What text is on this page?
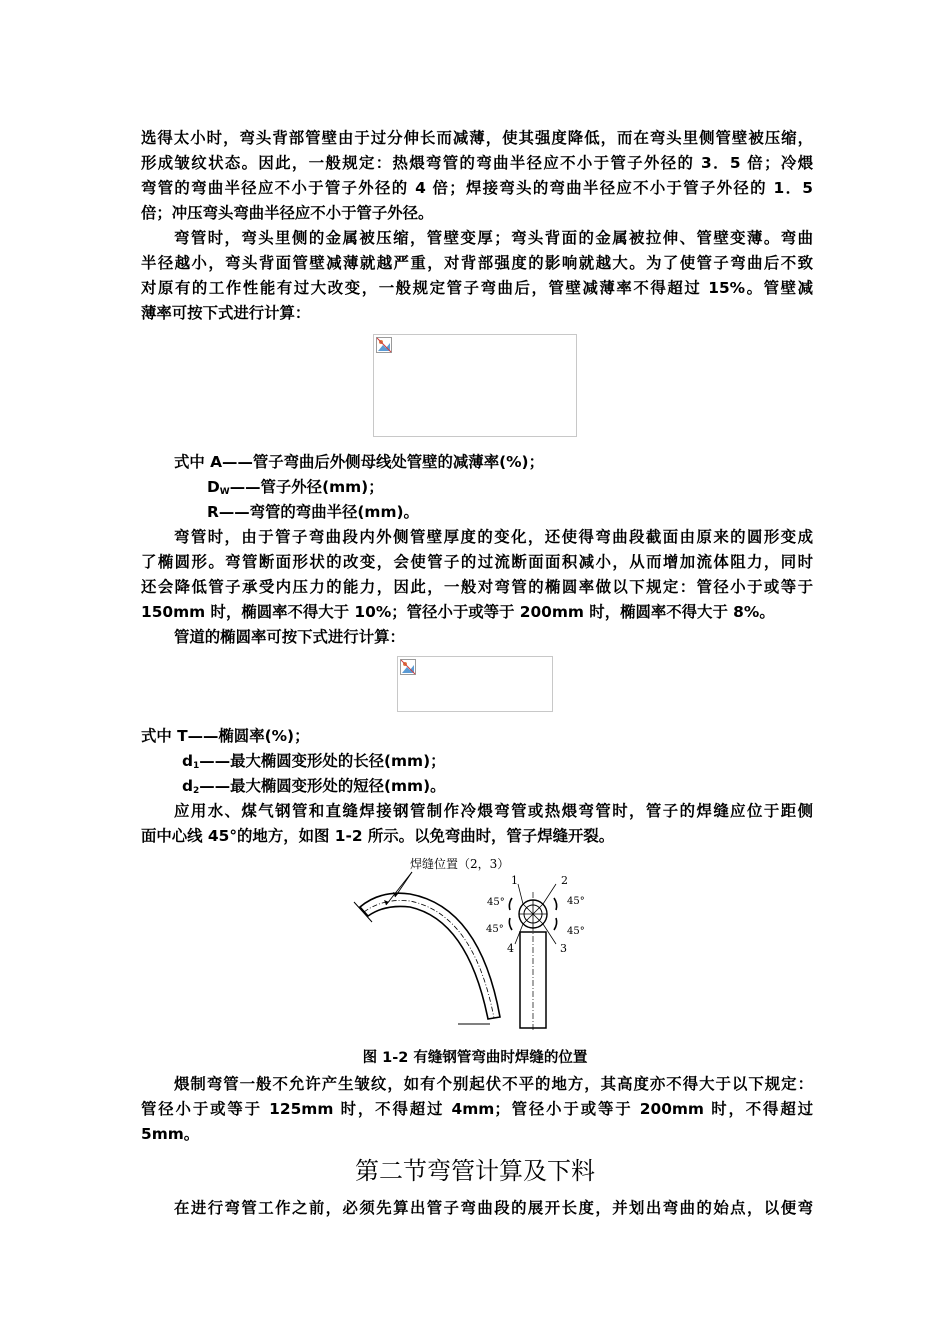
选得太小时，弯头背部管壁由于过分伸长而减薄，使其强度降低，而在弯头里侧管壁被压缩，
形成皱纹状态。因此，一般规定：热煨弯管的弯曲半径应不小于管子外径的 3．5 倍；冷煨
弯管的弯曲半径应不小于管子外径的 4 倍；焊接弯头的弯曲半径应不小于管子外径的 1．5
倍；冲压弯头弯曲半径应不小于管子外径。
弯管时，弯头里侧的金属被压缩，管壁变厚；弯头背面的金属被拉伸、管壁变薄。弯曲
半径越小，弯头背面管壁减薄就越严重，对背部强度的影响就越大。为了使管子弯曲后不致
对原有的工作性能有过大改变，一般规定管子弯曲后，管壁减薄率不得超过 15%。管壁减
薄率可按下式进行计算：
式中 A——管子弯曲后外侧母线处管壁的减薄率(%)；
$D_W——$管子外径(mm)；
R——弯管的弯曲半径(mm)。
弯管时，由于管子弯曲段内外侧管壁厚度的变化，还使得弯曲段截面由原来的圆形变成
了椭圆形。弯管断面形状的改变，会使管子的过流断面面积减小，从而增加流体阻力，同时
还会降低管子承受内压力的能力，因此，一般对弯管的椭圆率做以下规定：管径小于或等于
150mm 时，椭圆率不得大于 10%；管径小于或等于 200mm 时，椭圆率不得大于 8%。
管道的椭圆率可按下式进行计算：
式中 T——椭圆率(%)；
$d_1——$最大椭圆变形处的长径(mm)；
$d_2——$最大椭圆变形处的短径(mm)。
应用水、煤气钢管和直缝焊接钢管制作冷煨弯管或热煨弯管时，管子的焊缝应位于距侧
面中心线 45°的地方，如图 1-2 所示。以免弯曲时，管子焊缝开裂。
焊缝位置（2，3）
1	2
3
4
45°	45°
45°	45°
图 1-2 有缝钢管弯曲时焊缝的位置
煨制弯管一般不允许产生皱纹，如有个别起伏不平的地方，其高度亦不得大于以下规定：
管径小于或等于 125mm 时，不得超过 4mm；管径小于或等于 200mm 时，不得超过
5mm。
第二节弯管计算及下料
在进行弯管工作之前，必须先算出管子弯曲段的展开长度，并划出弯曲的始点，以便弯
